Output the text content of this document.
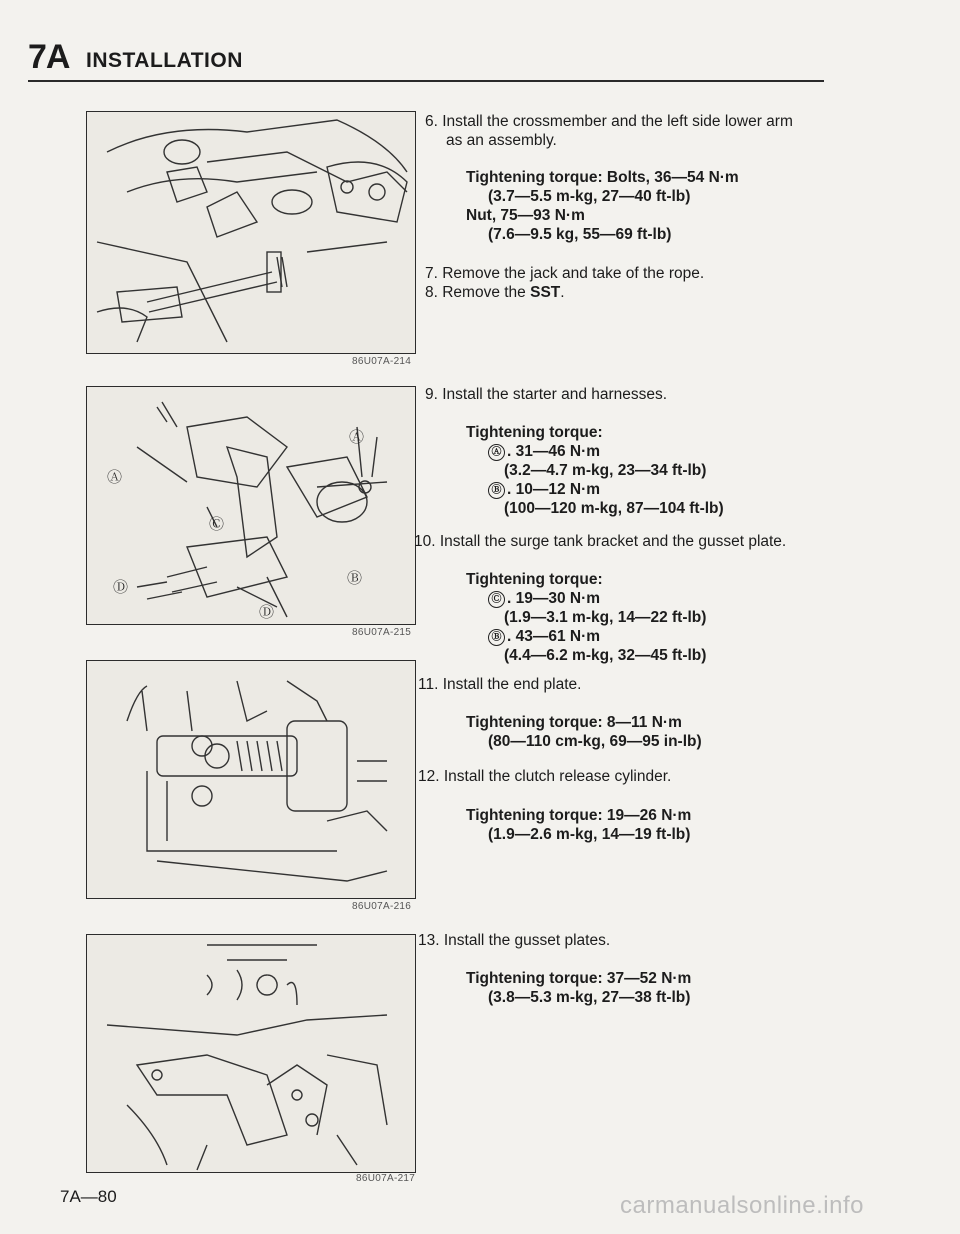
7A INSTALLATION
86U07A-214
Ⓐ
Ⓐ
Ⓒ
Ⓑ
Ⓓ
Ⓓ
86U07A-215
86U07A-216
86U07A-217
6. Install the crossmember and the left side lower arm
as an assembly.
Tightening torque: Bolts, 36—54 N·m
(3.7—5.5 m-kg, 27—40 ft-lb)
Nut, 75—93 N·m
(7.6—9.5 kg, 55—69 ft-lb)
7. Remove the jack and take of the rope.
8. Remove the SST.
9. Install the starter and harnesses.
Tightening torque:
Ⓐ . 31—46 N·m
(3.2—4.7 m-kg, 23—34 ft-lb)
Ⓑ . 10—12 N·m
(100—120 m-kg, 87—104 ft-lb)
10. Install the surge tank bracket and the gusset plate.
Tightening torque:
Ⓒ . 19—30 N·m
(1.9—3.1 m-kg, 14—22 ft-lb)
Ⓑ . 43—61 N·m
(4.4—6.2 m-kg, 32—45 ft-lb)
11. Install the end plate.
Tightening torque: 8—11 N·m
(80—110 cm-kg, 69—95 in-lb)
12. Install the clutch release cylinder.
Tightening torque: 19—26 N·m
(1.9—2.6 m-kg, 14—19 ft-lb)
13. Install the gusset plates.
Tightening torque: 37—52 N·m
(3.8—5.3 m-kg, 27—38 ft-lb)
7A—80	carmanualsonline.info
